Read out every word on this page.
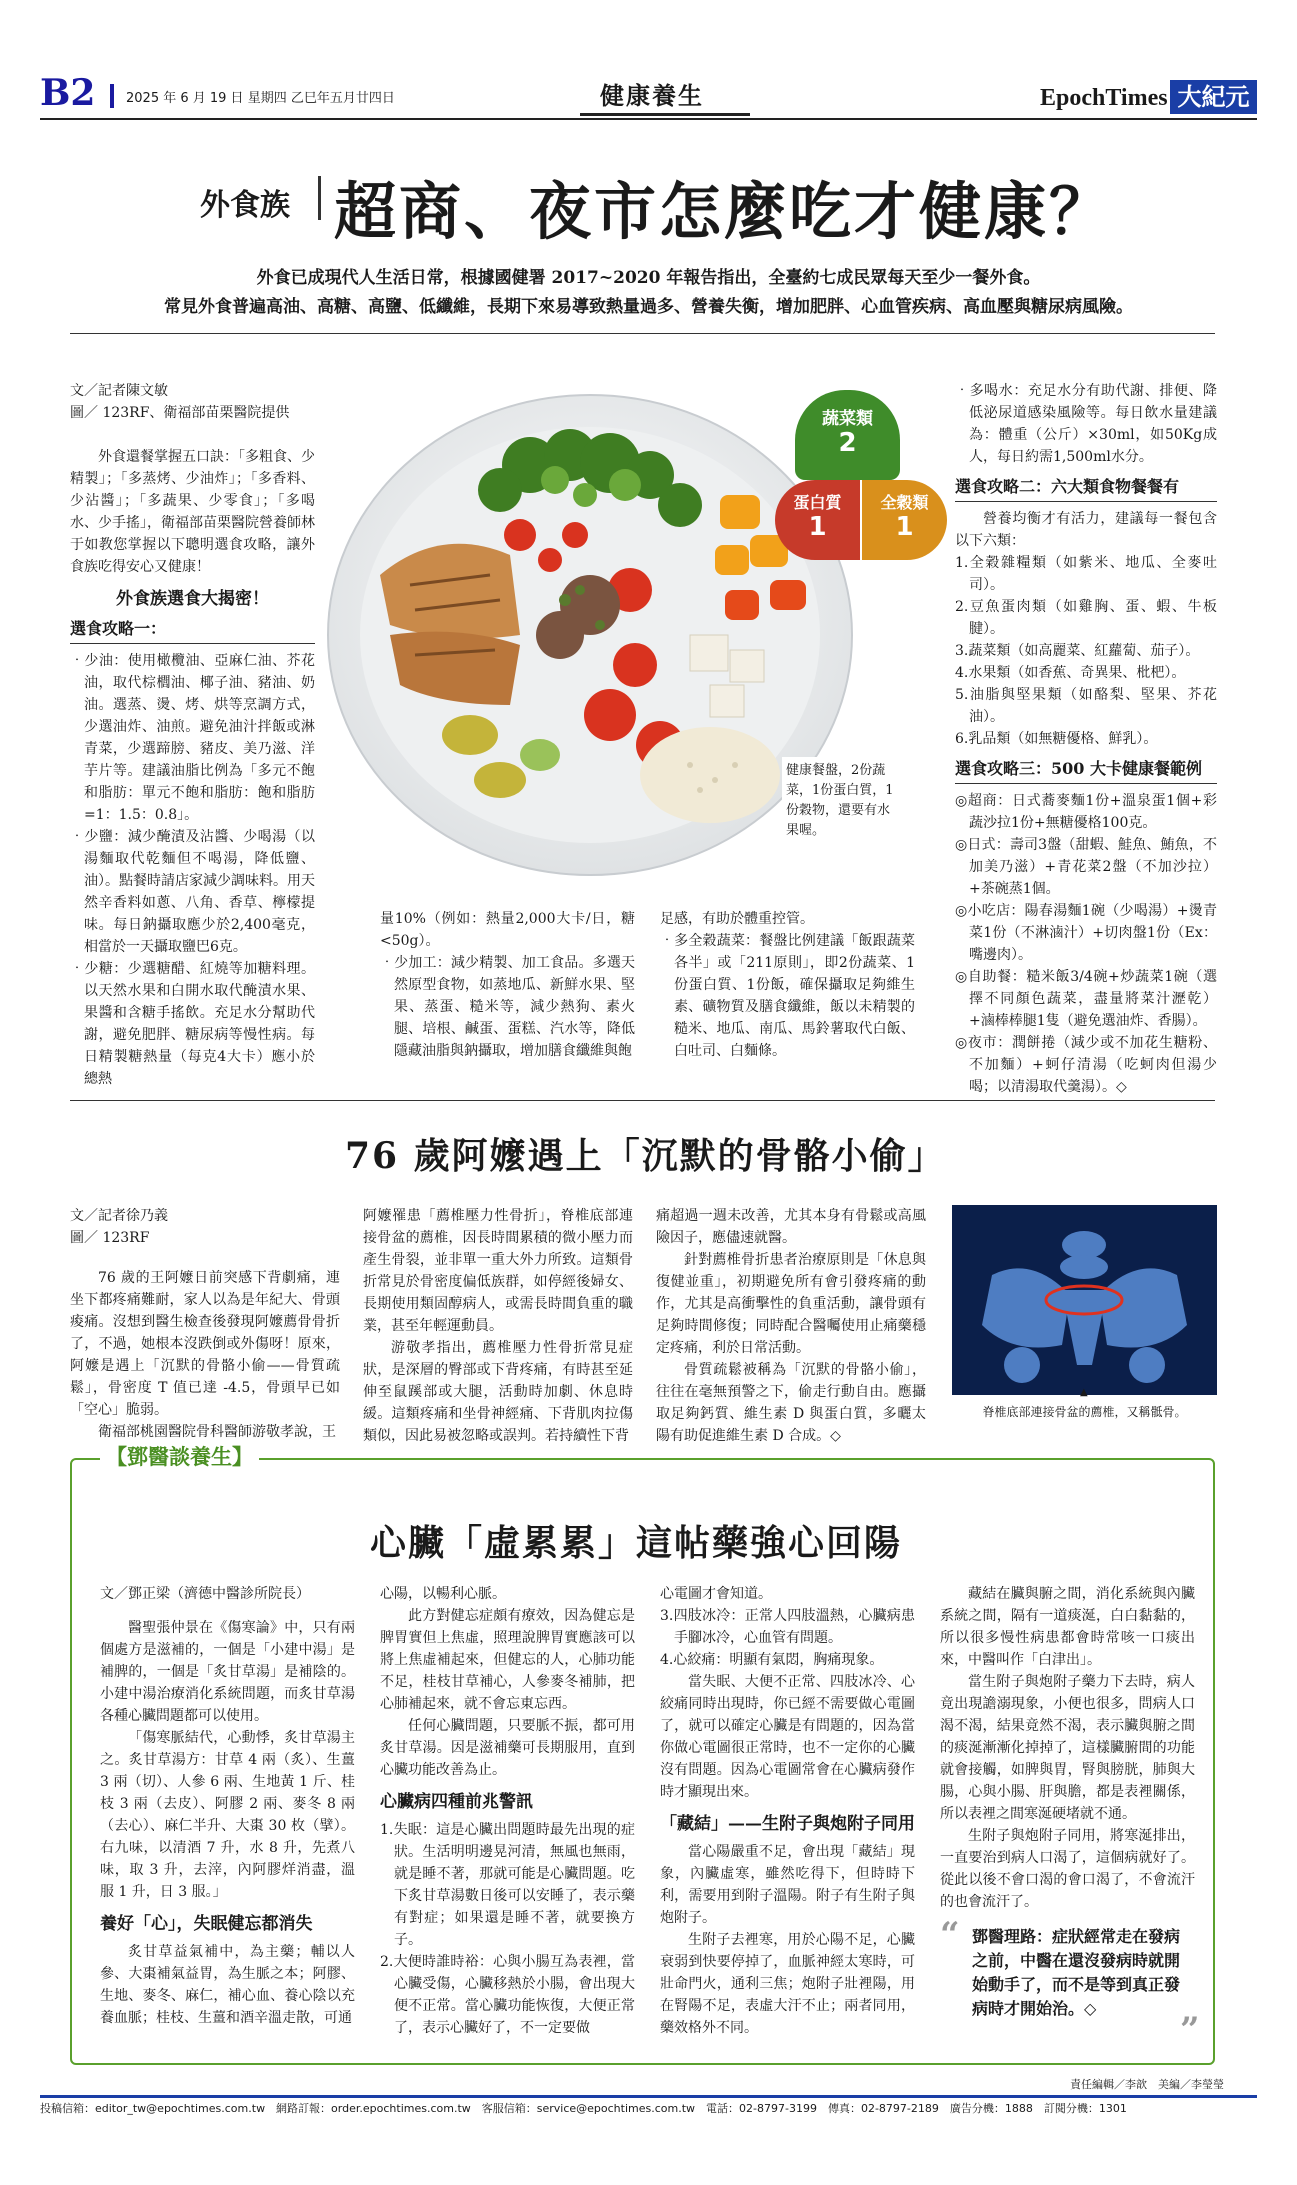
B2 2025 年 6 月 19 日 星期四 乙巳年五月廿四日	健康養生	EpochTimes 大紀元
外食族 超商、夜市怎麼吃才健康？
外食已成現代人生活日常，根據國健署 2017~2020 年報告指出，全臺約七成民眾每天至少一餐外食。
常見外食普遍高油、高糖、高鹽、低纖維，長期下來易導致熱量過多、營養失衡，增加肥胖、心血管疾病、高血壓與糖尿病風險。
文／記者陳文敏
圖／ 123RF、衛福部苗栗醫院提供

外食還餐掌握五口訣：「多粗食、少精製」；「多蒸烤、少油炸」；「多香料、少沾醬」；「多蔬果、少零食」；「多喝水、少手搖」，衛福部苗栗醫院營養師林于如教您掌握以下聰明選食攻略，讓外食族吃得安心又健康！

外食族選食大揭密！
選食攻略一：

‧少油：使用橄欖油、亞麻仁油、芥花油，取代棕櫚油、椰子油、豬油、奶油。選蒸、燙、烤、烘等烹調方式，少選油炸、油煎。避免油汁拌飯或淋青菜，少選蹄膀、豬皮、美乃滋、洋芋片等。建議油脂比例為「多元不飽和脂肪：單元不飽和脂肪：飽和脂肪=1：1.5：0.8」。

‧少鹽：減少醃漬及沾醬、少喝湯（以湯麵取代乾麵但不喝湯，降低鹽、油）。點餐時請店家減少調味料。用天然辛香料如蔥、八角、香草、檸檬提味。每日鈉攝取應少於2,400毫克，相當於一天攝取鹽巴6克。

‧少糖：少選糖醋、紅燒等加糖料理。以天然水果和白開水取代醃漬水果、果醬和含糖手搖飲。充足水分幫助代謝，避免肥胖、糖尿病等慢性病。每日精製糖熱量（每克4大卡）應小於總熱

蔬菜類
2
蛋白質
1
全穀類
1
健康餐盤，2份蔬菜，1份蛋白質，1份穀物，還要有水果喔。

量10%（例如：熱量2,000大卡/日，糖<50g）。

‧少加工：減少精製、加工食品。多選天然原型食物，如蒸地瓜、新鮮水果、堅果、蒸蛋、糙米等，減少熱狗、素火腿、培根、鹹蛋、蛋糕、汽水等，降低隱藏油脂與鈉攝取，增加膳食纖維與飽

足感，有助於體重控管。

‧多全穀蔬菜：餐盤比例建議「飯跟蔬菜各半」或「211原則」，即2份蔬菜、1份蛋白質、1份飯，確保攝取足夠維生素、礦物質及膳食纖維，飯以未精製的糙米、地瓜、南瓜、馬鈴薯取代白飯、白吐司、白麵條。

‧多喝水：充足水分有助代謝、排便、降低泌尿道感染風險等。每日飲水量建議為：體重（公斤）×30ml，如50Kg成人，每日約需1,500ml水分。

選食攻略二：六大類食物餐餐有

營養均衡才有活力，建議每一餐包含以下六類：

1.全穀雜糧類（如紫米、地瓜、全麥吐司）。

2.豆魚蛋肉類（如雞胸、蛋、蝦、牛板腱）。

3.蔬菜類（如高麗菜、紅蘿蔔、茄子）。

4.水果類（如香蕉、奇異果、枇杷）。

5.油脂與堅果類（如酪梨、堅果、芥花油）。

6.乳品類（如無糖優格、鮮乳）。

選食攻略三：500 大卡健康餐範例

◎超商：日式蕎麥麵1份+溫泉蛋1個+彩蔬沙拉1份+無糖優格100克。

◎日式：壽司3盤（甜蝦、鮭魚、鮪魚，不加美乃滋）+青花菜2盤（不加沙拉）+茶碗蒸1個。

◎小吃店：陽春湯麵1碗（少喝湯）+燙青菜1份（不淋滷汁）+切肉盤1份（Ex：嘴邊肉）。

◎自助餐：糙米飯3/4碗+炒蔬菜1碗（選擇不同顏色蔬菜，盡量將菜汁瀝乾）+滷棒棒腿1隻（避免選油炸、香腸）。

◎夜市：潤餅捲（減少或不加花生糖粉、不加麵）+蚵仔清湯（吃蚵肉但湯少喝；以清湯取代羹湯）。◇

76 歲阿嬤遇上「沉默的骨骼小偷」
文／記者徐乃義
圖／ 123RF

76 歲的王阿嬤日前突感下背劇痛，連坐下都疼痛難耐，家人以為是年紀大、骨頭痠痛。沒想到醫生檢查後發現阿嬤薦骨骨折了，不過，她根本沒跌倒或外傷呀！原來，阿嬤是遇上「沉默的骨骼小偷——骨質疏鬆」，骨密度 T 值已達 -4.5，骨頭早已如「空心」脆弱。

衛福部桃園醫院骨科醫師游敬孝說，王

阿嬤罹患「薦椎壓力性骨折」，脊椎底部連接骨盆的薦椎，因長時間累積的微小壓力而產生骨裂，並非單一重大外力所致。這類骨折常見於骨密度偏低族群，如停經後婦女、長期使用類固醇病人，或需長時間負重的職業，甚至年輕運動員。

游敬孝指出，薦椎壓力性骨折常見症狀，是深層的臀部或下背疼痛，有時甚至延伸至鼠蹊部或大腿，活動時加劇、休息時緩。這類疼痛和坐骨神經痛、下背肌肉拉傷類似，因此易被忽略或誤判。若持續性下背

痛超過一週未改善，尤其本身有骨鬆或高風險因子，應儘速就醫。

針對薦椎骨折患者治療原則是「休息與復健並重」，初期避免所有會引發疼痛的動作，尤其是高衝擊性的負重活動，讓骨頭有足夠時間修復；同時配合醫囑使用止痛藥穩定疼痛，利於日常活動。

骨質疏鬆被稱為「沉默的骨骼小偷」，往往在毫無預警之下，偷走行動自由。應攝取足夠鈣質、維生素 D 與蛋白質，多曬太陽有助促進維生素 D 合成。◇

▲
脊椎底部連接骨盆的薦椎，又稱骶骨。
【鄧醫談養生】
心臟「虛累累」這帖藥強心回陽
文／鄧正梁（濟德中醫診所院長）

醫聖張仲景在《傷寒論》中，只有兩個處方是滋補的，一個是「小建中湯」是補脾的，一個是「炙甘草湯」是補陰的。小建中湯治療消化系統問題，而炙甘草湯各種心臟問題都可以使用。

「傷寒脈結代，心動悸，炙甘草湯主之。炙甘草湯方：甘草 4 兩（炙）、生薑 3 兩（切）、人參 6 兩、生地黃 1 斤、桂枝 3 兩（去皮）、阿膠 2 兩、麥冬 8 兩（去心）、麻仁半升、大棗 30 枚（擘）。右九味，以清酒 7 升，水 8 升，先煮八味，取 3 升，去滓，內阿膠烊消盡，溫服 1 升，日 3 服。」

養好「心」，失眠健忘都消失

炙甘草益氣補中，為主藥；輔以人參、大棗補氣益胃，為生脈之本；阿膠、生地、麥冬、麻仁，補心血、養心陰以充養血脈；桂枝、生薑和酒辛溫走散，可通

心陽，以暢利心脈。

此方對健忘症頗有療效，因為健忘是脾胃實但上焦虛，照理說脾胃實應該可以將上焦虛補起來，但健忘的人，心肺功能不足，桂枝甘草補心，人參麥冬補肺，把心肺補起來，就不會忘東忘西。

任何心臟問題，只要脈不振，都可用炙甘草湯。因是滋補藥可長期服用，直到心臟功能改善為止。

心臟病四種前兆警訊

1.失眠：這是心臟出問題時最先出現的症狀。生活明明邊晃河清，無風也無雨，就是睡不著，那就可能是心臟問題。吃下炙甘草湯數日後可以安睡了，表示藥有對症；如果還是睡不著，就要換方子。

2.大便時誰時裕：心與小腸互為表裡，當心臟受傷，心臟移熱於小腸，會出現大便不正常。當心臟功能恢復，大便正常了，表示心臟好了，不一定要做

心電圖才會知道。

3.四肢冰冷：正常人四肢溫熱，心臟病患手腳冰冷，心血管有問題。

4.心絞痛：明顯有氣悶，胸痛現象。

當失眠、大便不正常、四肢冰冷、心絞痛同時出現時，你已經不需要做心電圖了，就可以確定心臟是有問題的，因為當你做心電圖很正常時，也不一定你的心臟沒有問題。因為心電圖常會在心臟病發作時才顯現出來。

「藏結」——生附子與炮附子同用

當心陽嚴重不足，會出現「藏結」現象，內臟虛寒，雖然吃得下，但時時下利，需要用到附子溫陽。附子有生附子與炮附子。

生附子去裡寒，用於心陽不足，心臟衰弱到快要停掉了，血脈神經太寒時，可壯命門火，通利三焦；炮附子壯裡陽，用在腎陽不足，表虛大汗不止；兩者同用，藥效格外不同。

藏結在臟與腑之間，消化系統與內臟系統之間，隔有一道痰涎，白白黏黏的，所以很多慢性病患都會時常咳一口痰出來，中醫叫作「白津出」。

當生附子與炮附子藥力下去時，病人竟出現譫溺現象，小便也很多，問病人口渴不渴，結果竟然不渴，表示臟與腑之間的痰涎漸漸化掉掉了，這樣臟腑間的功能就會接觸，如脾與胃，腎與膀胱，肺與大腸，心與小腸、肝與膽，都是表裡關係，所以表裡之間寒涎硬堵就不通。

生附子與炮附子同用，將寒涎排出，一直要治到病人口渴了，這個病就好了。從此以後不會口渴的會口渴了，不會流汗的也會流汗了。

“ 鄧醫理路：症狀經常走在發病之前，中醫在還沒發病時就開始動手了，而不是等到真正發病時才開始治。◇
”
責任編輯／李歆　美編／李瑩瑩
投稿信箱：editor_tw@epochtimes.com.tw　網路訂報：order.epochtimes.com.tw　客服信箱：service@epochtimes.com.tw　電話：02-8797-3199　傳真：02-8797-2189　廣告分機：1888　訂閱分機：1301
